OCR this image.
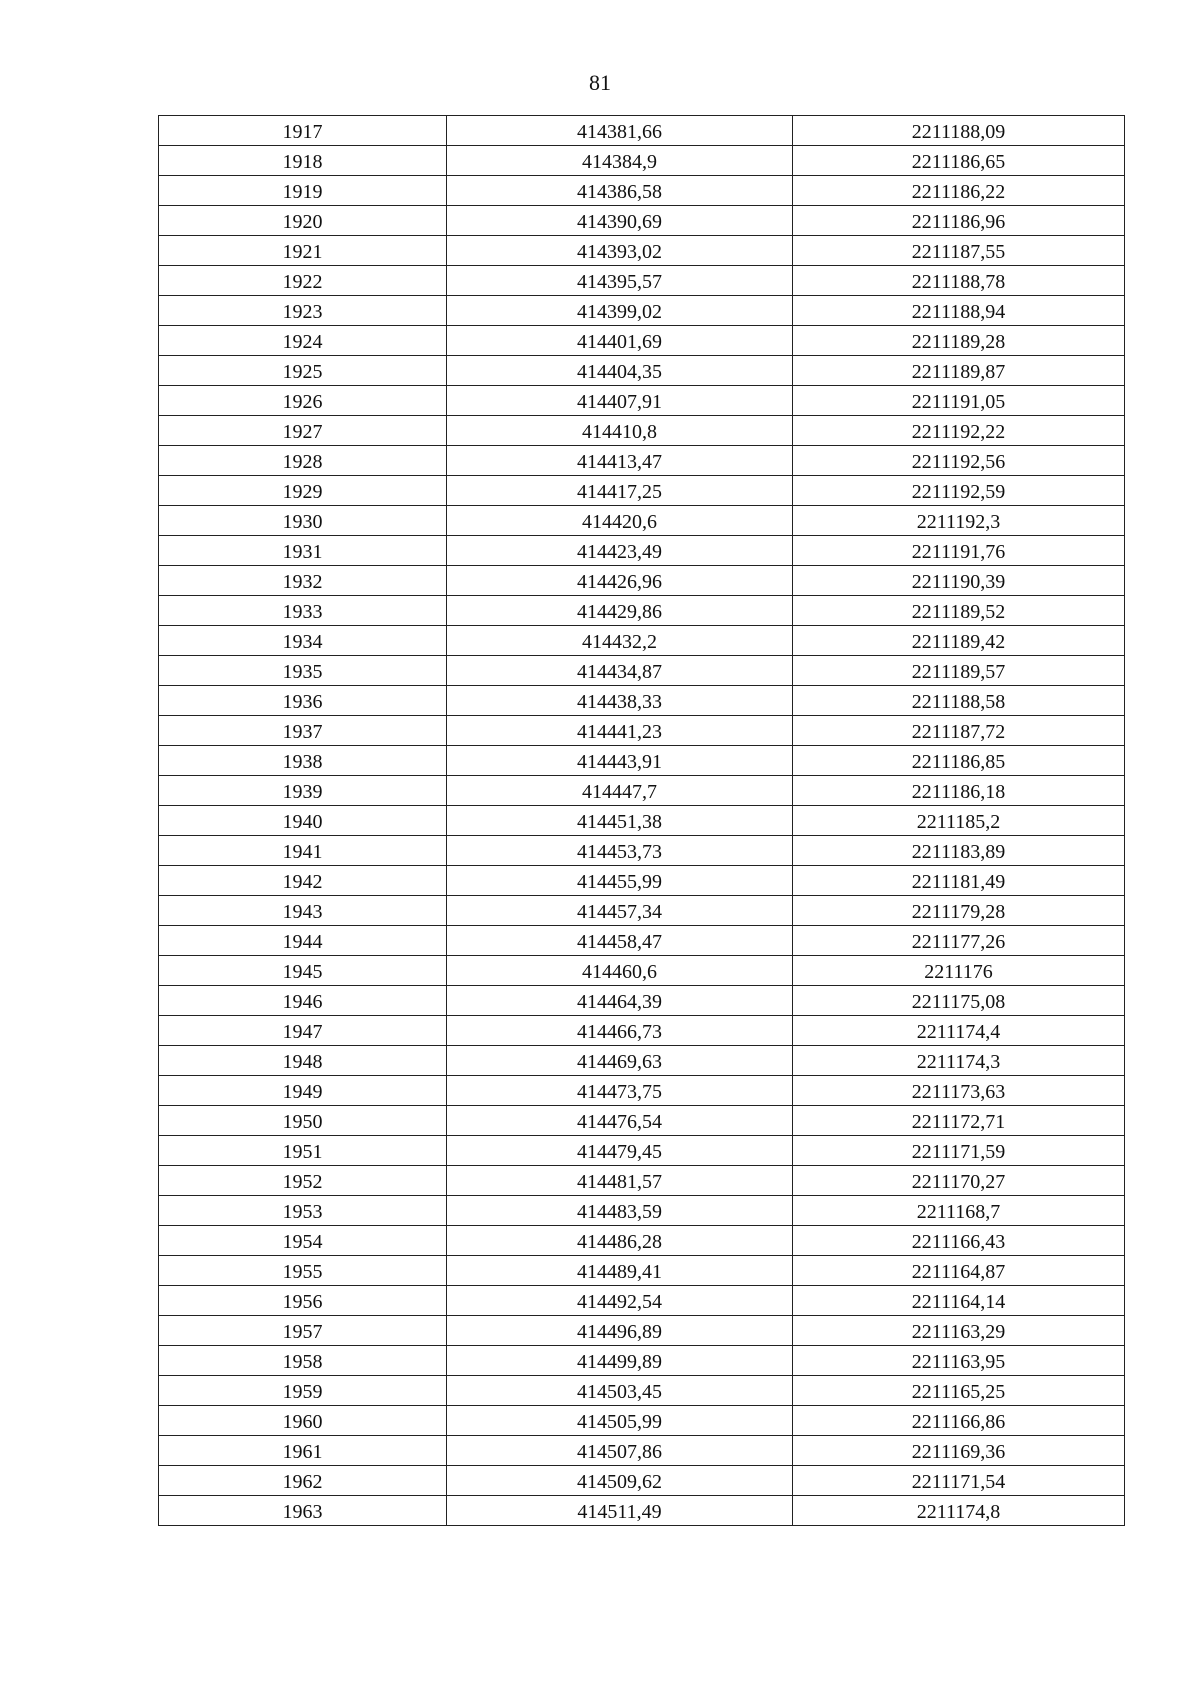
81
1917	414381,66	2211188,09
1918	414384,9	2211186,65
1919	414386,58	2211186,22
1920	414390,69	2211186,96
1921	414393,02	2211187,55
1922	414395,57	2211188,78
1923	414399,02	2211188,94
1924	414401,69	2211189,28
1925	414404,35	2211189,87
1926	414407,91	2211191,05
1927	414410,8	2211192,22
1928	414413,47	2211192,56
1929	414417,25	2211192,59
1930	414420,6	2211192,3
1931	414423,49	2211191,76
1932	414426,96	2211190,39
1933	414429,86	2211189,52
1934	414432,2	2211189,42
1935	414434,87	2211189,57
1936	414438,33	2211188,58
1937	414441,23	2211187,72
1938	414443,91	2211186,85
1939	414447,7	2211186,18
1940	414451,38	2211185,2
1941	414453,73	2211183,89
1942	414455,99	2211181,49
1943	414457,34	2211179,28
1944	414458,47	2211177,26
1945	414460,6	2211176
1946	414464,39	2211175,08
1947	414466,73	2211174,4
1948	414469,63	2211174,3
1949	414473,75	2211173,63
1950	414476,54	2211172,71
1951	414479,45	2211171,59
1952	414481,57	2211170,27
1953	414483,59	2211168,7
1954	414486,28	2211166,43
1955	414489,41	2211164,87
1956	414492,54	2211164,14
1957	414496,89	2211163,29
1958	414499,89	2211163,95
1959	414503,45	2211165,25
1960	414505,99	2211166,86
1961	414507,86	2211169,36
1962	414509,62	2211171,54
1963	414511,49	2211174,8
